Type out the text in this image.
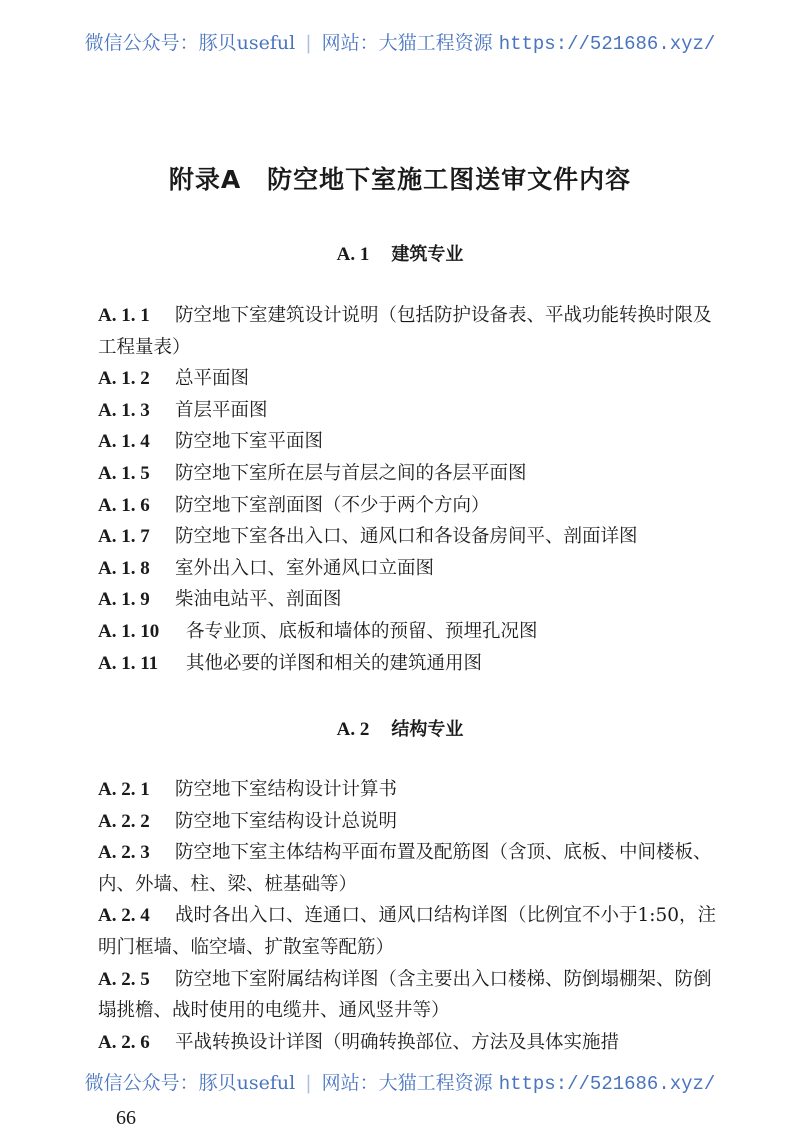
微信公众号：豚贝useful | 网站：大猫工程资源 https://521686.xyz/
附录A　防空地下室施工图送审文件内容
A. 1 建筑专业

A. 1. 1 防空地下室建筑设计说明（包括防护设备表、平战功能转换时限及工程量表）

A. 1. 2 总平面图

A. 1. 3 首层平面图

A. 1. 4 防空地下室平面图

A. 1. 5 防空地下室所在层与首层之间的各层平面图

A. 1. 6 防空地下室剖面图（不少于两个方向）

A. 1. 7 防空地下室各出入口、通风口和各设备房间平、剖面详图

A. 1. 8 室外出入口、室外通风口立面图

A. 1. 9 柴油电站平、剖面图

A. 1. 10 各专业顶、底板和墙体的预留、预埋孔况图

A. 1. 11 其他必要的详图和相关的建筑通用图

A. 2 结构专业

A. 2. 1 防空地下室结构设计计算书

A. 2. 2 防空地下室结构设计总说明

A. 2. 3 防空地下室主体结构平面布置及配筋图（含顶、底板、中间楼板、内、外墙、柱、梁、桩基础等）

A. 2. 4 战时各出入口、连通口、通风口结构详图（比例宜不小于1:50，注明门框墙、临空墙、扩散室等配筋）

A. 2. 5 防空地下室附属结构详图（含主要出入口楼梯、防倒塌棚架、防倒塌挑檐、战时使用的电缆井、通风竖井等）

A. 2. 6 平战转换设计详图（明确转换部位、方法及具体实施措

微信公众号：豚贝useful | 网站：大猫工程资源 https://521686.xyz/
66
